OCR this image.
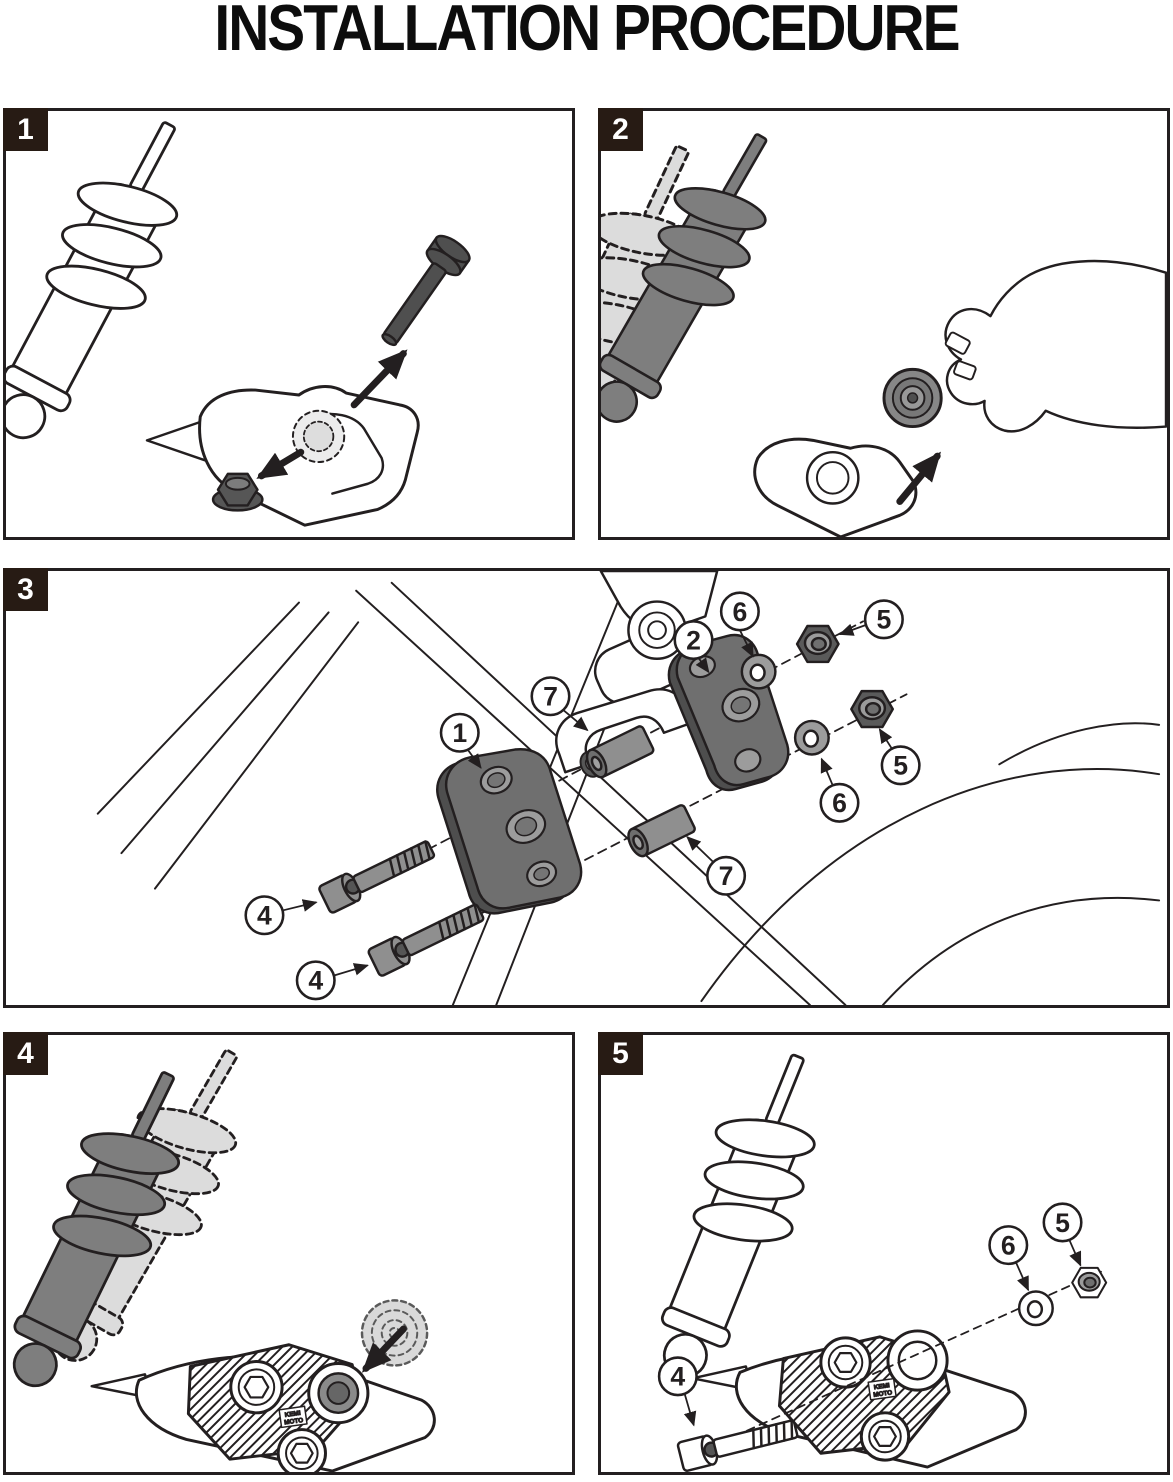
INSTALLATION PROCEDURE
1	2
3
6	5
2
7
1
5
6
7
4
4
4
KEMI
MOTO
5
KEMI
MOTO
6
5
4
